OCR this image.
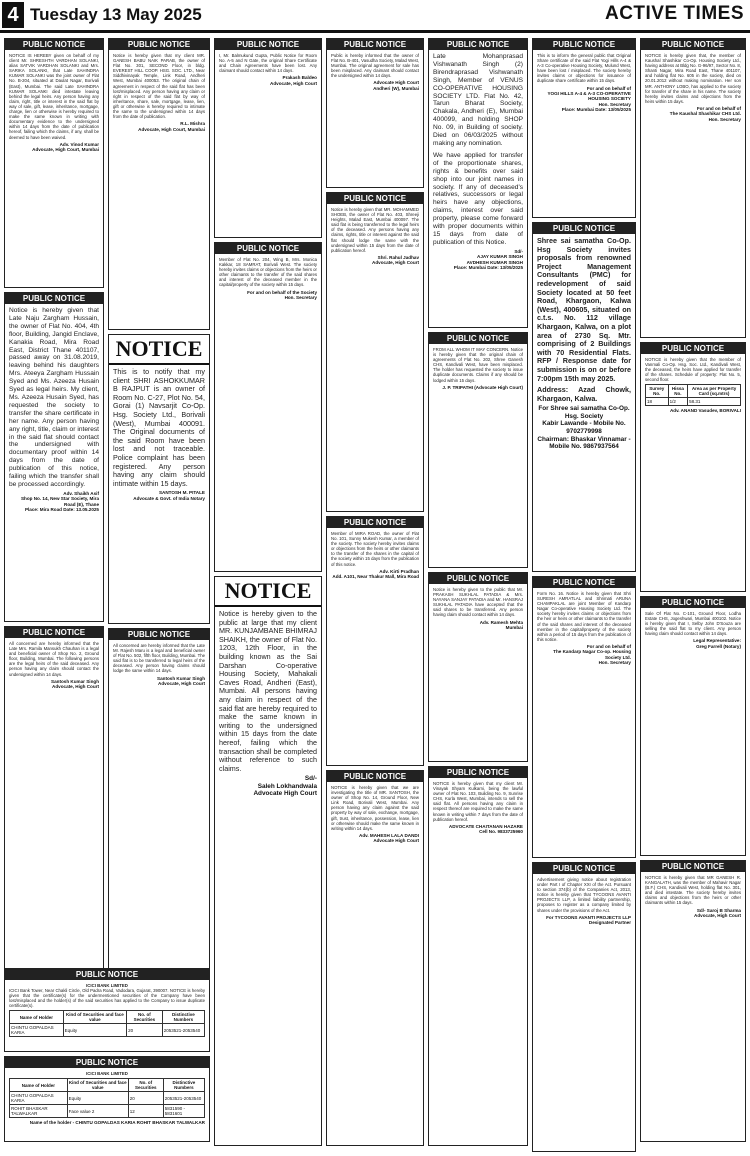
4 Tuesday 13 May 2025	ACTIVE TIMES
PUBLIC NOTICE
NOTICE IS HEREBY given on behalf of my client Mr. SHRESHTH VARDHAN SOLANKI, alias SATVIK VARDHAN SOLANKI and Mrs. SARIKA SOLANKI, that Late SAHINDRA KUMAR SOLANKI was the joint owner of Flat No. B-204, situated at Daulat Nagar, Borivali (East), Mumbai. The said Late SAHINDRA KUMAR SOLANKI died intestate leaving behind the legal heirs. Any person having any claim, right, title or interest in the said flat by way of sale, gift, lease, inheritance, mortgage, charge, lien or otherwise is hereby required to make the same known in writing with documentary evidence to the undersigned within 14 days from the date of publication hereof, failing which the claims, if any, shall be deemed to have been waived.
Adv. Vinod Kumar
Advocate, High Court, Mumbai
PUBLIC NOTICE
Notice is hereby given that Late Naju Zargham Hussain, the owner of Flat No. 404, 4th floor, Building, Jangid Enclave, Kanakia Road, Mira Road East, District Thane 401107, passed away on 31.08.2019, leaving behind his daughters Mrs. Ateeya Zargham Hussain Syed and Ms. Azeeza Husain Syed as legal heirs. My client, Ms. Azeeza Husain Syed, has requested the society to transfer the share certificate in her name. Any person having any right, title, claim or interest in the said flat should contact the undersigned with documentary proof within 14 days from the date of publication of this notice, failing which the transfer shall be processed accordingly.
Adv. Shaikh Asif
Shop No. 14, New Star Society, Mira Road (E), Thane
Place: Mira Road Date: 13.05.2025
PUBLIC NOTICE
All concerned are hereby informed that the Late Mrs. Ramila Mansukh Chauhan is a legal and beneficial owner of Shop No. 2, Ground floor, Building, Mumbai. The following persons are the legal heirs of the said deceased. Any person having any claim should contact the undersigned within 14 days.
Santosh Kumar Singh
Advocate, High Court
PUBLIC NOTICE
Notice is hereby given that my client MR. GANESH BABU NAIK PARAB, the owner of Flat No. 301, SECOND Floor, in bldg. EVEREST HILL COOP. HSG. SOC. LTD., Near Siddhivinayak Temple, Link Road, Andheri West, Mumbai 400053. The original chain of agreement in respect of the said flat has been lost/misplaced. Any person having any claim or right in respect of the said flat by way of inheritance, share, sale, mortgage, lease, lien, gift or otherwise is hereby required to intimate the same to the undersigned within 14 days from the date of publication.
R.L. Mishra
Advocate, High Court, Mumbai
NOTICE
This is to notify that my client SHRI ASHOKKUMAR B RAJPUT is an owner of Room No. C-27, Plot No. 54, Gorai (1) Navsarjit Co-Op. Hsg. Society Ltd., Borivali (West), Mumbai 400091. The Original documents of the said Room have been lost and not traceable. Police complaint has been registered. Any person having any claim should intimate within 15 days.
SANTOSH M. PITALE
Advocate & Govt. of India Notary
PUBLIC NOTICE
All concerned are hereby informed that the Late Mr. Rajesh Maru is a legal and beneficial owner of Flat No. 502, fifth floor, Building, Mumbai. The said flat is to be transferred to legal heirs of the deceased. Any person having claims should lodge the same within 14 days.
Santosh Kumar Singh
Advocate, High Court
PUBLIC NOTICE
ICICI BANK LIMITED
ICICI Bank Tower, Near Chakli Circle, Old Padra Road, Vadodara, Gujarat, 390007. NOTICE is hereby given that the certificate(s) for the undermentioned securities of the Company have been lost/misplaced and the holder(s) of the said securities has applied to the Company to issue duplicate certificate(s).
Name of Holder	Kind of Securities and face value	No. of Securities	Distinctive Numbers
CHINTU GOPALDAS KARIA	Equity	20	2053521-2053540
PUBLIC NOTICE
ICICI BANK LIMITED
Name of Holder	Kind of Securities and face value	No. of Securities	Distinctive Numbers
CHINTU GOPALDAS KARIA	Equity	20	2053521-2053540
ROHIT BHASKAR TALWALKAR	Face value 2	12	5831590 - 5831601
Name of the holder - CHINTU GOPALDAS KARIA ROHIT BHASKAR TALWALKAR
PUBLIC NOTICE
I, Mr. Balmukund Gupta, Public Notice for Room No. A-5 and N Gate, the original Share Certificate and Chain Agreements have been lost. Any claimant should contact within 14 days.
Prakash Baldeo
Advocate, High Court
PUBLIC NOTICE
Member of Flat No. 204, Wing B, Mrs. Monica Kakkar, 18 SAMRAT, Borivali West. The society hereby invites claims or objections from the heirs or other claimants to the transfer of the said shares and interest of the deceased member in the capital/property of the society within 15 days.
For and on behalf of the Society
Hon. Secretary
NOTICE
Notice is hereby given to the public at large that my client MR. KUNJAMBANE BHIMRAJ SHAIKH, the owner of Flat No. 1203, 12th Floor, in the building known as the Sai Darshan Co-operative Housing Society, Mahakali Caves Road, Andheri (East), Mumbai. All persons having any claim in respect of the said flat are hereby required to make the same known in writing to the undersigned within 15 days from the date hereof, failing which the transaction shall be completed without reference to such claims.
Sd/-
Saleh Lokhandwala
Advocate High Court
PUBLIC NOTICE
Public is hereby informed that the owner of Flat No. B-401, Vasudha Society, Malad West, Mumbai. The original agreement for sale has been misplaced. Any claimant should contact the undersigned within 14 days.
Advocate High Court
Andheri (W), Mumbai
PUBLIC NOTICE
Notice is hereby given that MR. MOHAMMED SHOEB, the owner of Flat No. 403, Shreeji Heights, Malad East, Mumbai 400097. The said flat is being transferred to the legal heirs of the deceased. Any persons having any claims, rights, title or interest against the said flat should lodge the same with the undersigned within 15 days from the date of publication hereof.
Shri. Rahul Jadhav
Advocate, High Court
PUBLIC NOTICE
Member of MIRA ROAD, the owner of Flat No. 101, Sunny Mukesh Kumar, a member of the society. The society hereby invites claims or objections from the heirs or other claimants to the transfer of the shares in the capital of the society within 15 days from the publication of this notice.
Adv. Kirti Pradhan
Add. A101, Near Thakur Mall, Mira Road
PUBLIC NOTICE
NOTICE is hereby given that we are investigating the title of MR. SANTOSH, the owner of Shop No. 14, Ground Floor, New Link Road, Borivali West, Mumbai. Any person having any claim against the said property by way of sale, exchange, mortgage, gift, trust, inheritance, possession, lease, lien or otherwise should make the same known in writing within 14 days.
Adv. MAHESH LALA DANDI
Advocate High Court
PUBLIC NOTICE
Late Mohanprasad Vishwanath Singh (2) Birendraprasad Vishwanath Singh, Member of VENUS CO-OPERATIVE HOUSING SOCIETY LTD. Flat No. 42, Tarun Bharat Society, Chakala, Andheri (E), Mumbai 400099, and holding SHOP No. 09, in Building of society. Died on 06/03/2025 without making any nomination.
We have applied for transfer of the proportionate shares, rights & benefits over said shop into our joint names in society. If any of deceased's relatives, successors or legal heirs have any objections, claims, interest over said property, please come forward with proper documents within 15 days from date of publication of this Notice.
Sd/-
AJAY KUMAR SINGH
AVDHESH KUMAR SINGH
Place: Mumbai Date: 13/05/2025
PUBLIC NOTICE
FROM ALL WHOM IT MAY CONCERN. Notice is hereby given that the original chain of agreements of Flat No. 202, Shree Ganesh CHS, Kandivali West, have been misplaced. The holder has requested the society to issue duplicate documents. Claims if any should be lodged within 15 days.
J. P. TRIPATHI (Advocate High Court)
PUBLIC NOTICE
Notice is hereby given to the public that Mr. PRAKASH SUKHLAL PATADIA & Mrs. NAYANA SANJAY PATADIA and Mr. HANSRAJ SUKHLAL PATADIA have accepted that the said shares to be transferred. Any person having claim should contact within 14 days.
Adv. Ramesh Mehta
Mumbai
PUBLIC NOTICE
NOTICE is hereby given that my client Mr. Vinayak Shyam Kulkarni, being the lawful owner of Flat No. 103, Building No. 9, Sunrise CHS, Kurla West, Mumbai, intends to sell the said flat. All persons having any claim in respect thereof are required to make the same known in writing within 7 days from the date of publication hereof.
ADVOCATE CHAITANAN HAZARE
Cell No. 9833725960
PUBLIC NOTICE
This is to inform the general public that Original Share certificate of the said Flat Yogi Hills A-4 & A-3 Co-operative Housing Society, Mulund West, have been lost / misplaced. The society hereby invites claims or objections for issuance of duplicate share certificate within 15 days.
For and on behalf of
YOGI HILLS A-4 & A-3 CO-OPERATIVE HOUSING SOCIETY
Hon. Secretary
Place: Mumbai Date: 13/05/2025
PUBLIC NOTICE
Shree sai samatha Co-Op. Hsg Society invites proposals from renowned Project Management Consultants (PMC) for redevelopment of said Society located at 50 feet Road, Khargaon, Kalwa (West), 400605, situated on c.t.s. No. 112 village Khargaon, Kalwa, on a plot area of 2730 Sq. Mtr. comprising of 2 Buildings with 70 Residential Flats. RFP / Response date for submission is on or before 7:00pm 15th may 2025.
Address: Azad Chowk, Khargaon, Kalwa.
For Shree sai samatha Co-Op. Hsg. Society
Kabir Lawande - Mobile No. 9702779998
Chairman: Bhaskar Vinnamar - Mobile No. 9867937564
PUBLIC NOTICE
Form No. 16. Notice is hereby given that Shri SURESH AMRATLAL and Shrimati ARUNA CHAMPAKLAL are joint Member of Kandarp Nagar Co-operative Housing Society Ltd. The society hereby invites claims or objections from the heir or heirs or other claimants to the transfer of the said shares and interest of the deceased member in the capital/property of the society within a period of 15 days from the publication of this notice.
For and on behalf of
The Kandarp Nagar Co-op. Housing Society Ltd.
Hon. Secretary
PUBLIC NOTICE
Advertisement giving notice about registration under Part I of Chapter XXI of the Act. Pursuant to section 374(b) of the Companies Act, 2013, notice is hereby given that TYCOONS AVANTI PROJECTS LLP, a limited liability partnership, proposes to register as a company limited by shares under the provisions of the Act.
For TYCOONS AVANTI PROJECTS LLP
Designated Partner
PUBLIC NOTICE
NOTICE is hereby given that, the member of Kaushal Shashikar Co-Op. Housing Society Ltd., having address at Bldg No. G-96/97, Sector No. 8, Shanti Nagar, Mira Road East, Thane 401107, and holding flat No. 605 in the society, died on 20.01.2012 without making nomination. Her son MR. ANTHONY LOBO, has applied to the society for transfer of the share in his name. The society hereby invites claims and objections from the heirs within 15 days.
For and on behalf of
The Kaushal Shashikar CHS Ltd.
Hon. Secretary
PUBLIC NOTICE
NOTICE is hereby given that the member of Vanmali Co-Op. Hsg. Soc. Ltd., Kandivali West, the deceased, the heirs have applied for transfer of the shares. Schedule of property: Flat No. 5, second floor.
Survey No.	Hissa No.	Area as per Property Card (sq.mtrs)
18	1/2	58.31
Adv. ANAND Vasudev, BORIVALI
PUBLIC NOTICE
Sale Of Flat No. C-101, Ground Floor, Lodha Estate CHS, Jogeshwari, Mumbai 400102. Notice is hereby given that I, Selby John D'Souza are selling the said flat to my client. Any person having claim should contact within 14 days.
Legal Representative:
Greg Farrell (Notary)
PUBLIC NOTICE
NOTICE is hereby given that MR GANESH R. KANGALATH, was the member of Mahavir Nagar (B.F.) CHS, Kandivali West, holding flat No. 301, and died intestate. The society hereby invites claims and objections from the heirs or other claimants within 15 days.
Sd/- Saroj B Sharma
Advocate, High Court
